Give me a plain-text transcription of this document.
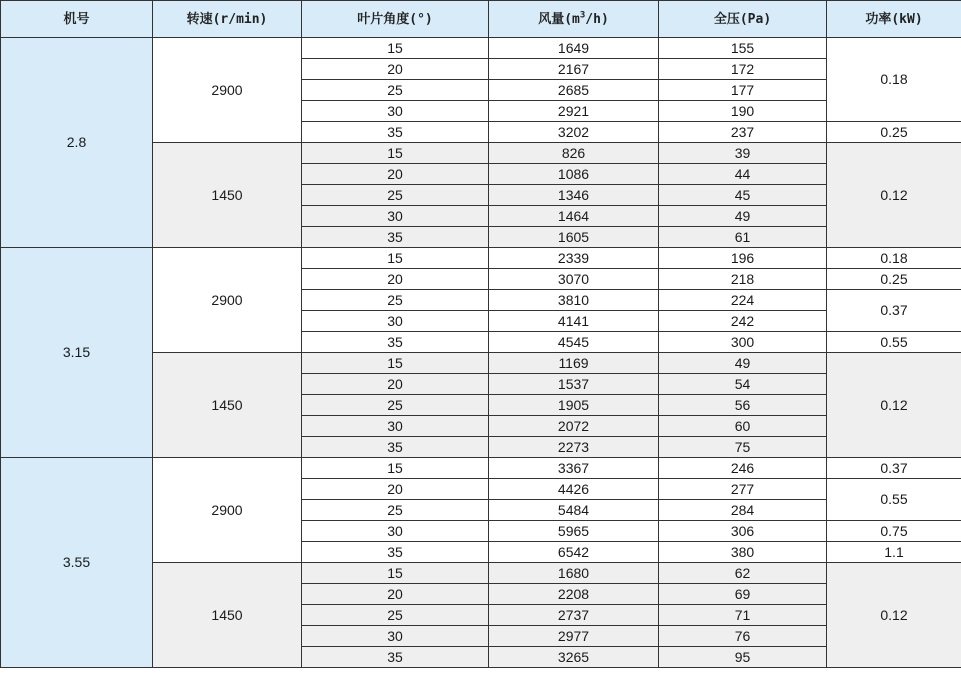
机号	转速(r/min)	叶片角度(°)	风量$(m^3/h)$	全压(Pa)	功率(kW)
2.8	2900	15	1649	155	0.18
		20	2167	172	
		25	2685	177	
		30	2921	190	
		35	3202	237	0.25
	1450	15	826	39	0.12
		20	1086	44	
		25	1346	45	
		30	1464	49	
		35	1605	61	
3.15	2900	15	2339	196	0.18
		20	3070	218	0.25
		25	3810	224	0.37
		30	4141	242	
		35	4545	300	0.55
	1450	15	1169	49	0.12
		20	1537	54	
		25	1905	56	
		30	2072	60	
		35	2273	75	
3.55	2900	15	3367	246	0.37
		20	4426	277	0.55
		25	5484	284	
		30	5965	306	0.75
		35	6542	380	1.1
	1450	15	1680	62	0.12
		20	2208	69	
		25	2737	71	
		30	2977	76	
		35	3265	95	
